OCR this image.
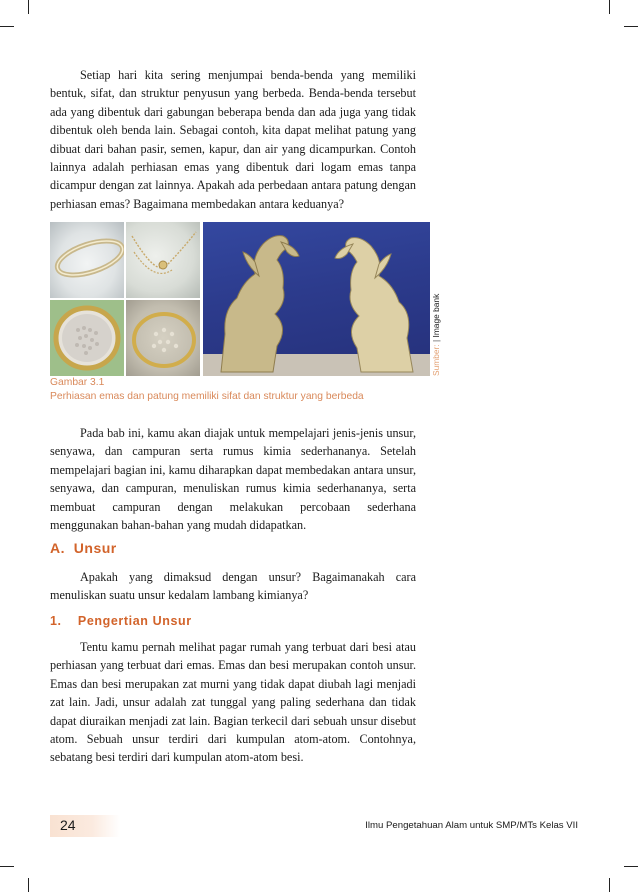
Setiap hari kita sering menjumpai benda-benda yang memiliki bentuk, sifat, dan struktur penyusun yang berbeda. Benda-benda tersebut ada yang dibentuk dari gabungan beberapa benda dan ada juga yang tidak dibentuk oleh benda lain. Sebagai contoh, kita dapat melihat patung yang dibuat dari bahan pasir, semen, kapur, dan air yang dicampurkan. Contoh lainnya adalah perhiasan emas yang dibentuk dari logam emas tanpa dicampur dengan zat lainnya. Apakah ada perbedaan antara patung dengan perhiasan emas? Bagaimana membedakan antara keduanya?

Sumber: | Image bank
Gambar 3.1
Perhiasan emas dan patung memiliki sifat dan struktur yang berbeda

Pada bab ini, kamu akan diajak untuk mempelajari jenis-jenis unsur, senyawa, dan campuran serta rumus kimia sederhananya. Setelah mempelajari bagian ini, kamu diharapkan dapat membedakan antara unsur, senyawa, dan campuran, menuliskan rumus kimia sederhananya, serta membuat campuran dengan melakukan percobaan sederhana menggunakan bahan-bahan yang mudah didapatkan.

A.  Unsur

Apakah yang dimaksud dengan unsur? Bagaimanakah cara menuliskan suatu unsur kedalam lambang kimianya?

1.    Pengertian Unsur

Tentu kamu pernah melihat pagar rumah yang terbuat dari besi atau perhiasan yang terbuat dari emas. Emas dan besi merupakan contoh unsur. Emas dan besi merupakan zat murni yang tidak dapat diubah lagi menjadi zat lain. Jadi, unsur adalah zat tunggal yang paling sederhana dan tidak dapat diuraikan menjadi zat lain. Bagian terkecil dari sebuah unsur disebut atom. Sebuah unsur terdiri dari kumpulan atom-atom. Contohnya, sebatang besi terdiri dari kumpulan atom-atom besi.

24	Ilmu Pengetahuan Alam untuk SMP/MTs Kelas VII
